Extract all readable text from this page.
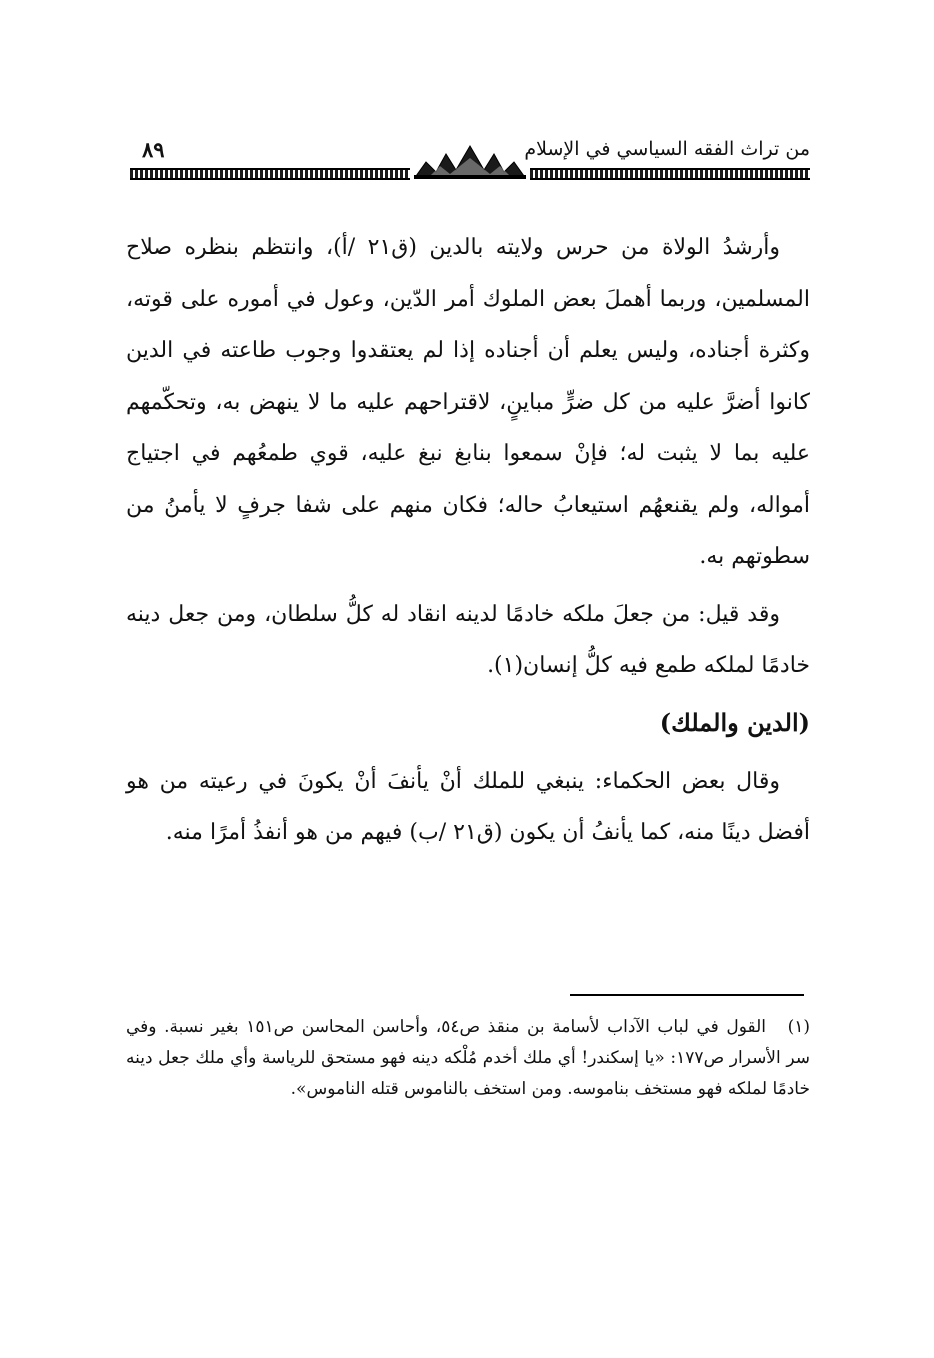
من تراث الفقه السياسي في الإسلام
٨٩

وأرشدُ الولاة من حرس ولايته بالدين (ق٢١ /أ)، وانتظم بنظره صلاح المسلمين، وربما أهملَ بعض الملوك أمر الدّين، وعول في أموره على قوته، وكثرة أجناده، وليس يعلم أن أجناده إذا لم يعتقدوا وجوب طاعته في الدين كانوا أضرَّ عليه من كل ضرٍّ مباينٍ، لاقتراحهم عليه ما لا ينهض به، وتحكّمهم عليه بما لا يثبت له؛ فإنْ سمعوا بنابغ نبغ عليه، قوي طمعُهم في اجتياج أمواله، ولم يقنعهُم استيعابُ حاله؛ فكان منهم على شفا جرفٍ لا يأمنُ من سطوتهم به.

وقد قيل: من جعلَ ملكه خادمًا لدينه انقاد له كلُّ سلطان، ومن جعل دينه خادمًا لملكه طمع فيه كلُّ إنسان(١).

(الدين والملك)

وقال بعض الحكماء: ينبغي للملك أنْ يأنفَ أنْ يكونَ في رعيته من هو أفضل دينًا منه، كما يأنفُ أن يكون (ق٢١ /ب) فيهم من هو أنفذُ أمرًا منه.

(١)القول في لباب الآداب لأسامة بن منقذ ص٥٤، وأحاسن المحاسن ص١٥١ بغير نسبة. وفي سر الأسرار ص١٧٧: «يا إسكندر! أي ملك أخدم مُلْكه دينه فهو مستحق للرياسة وأي ملك جعل دينه خادمًا لملكه فهو مستخف بناموسه. ومن استخف بالناموس قتله الناموس».
